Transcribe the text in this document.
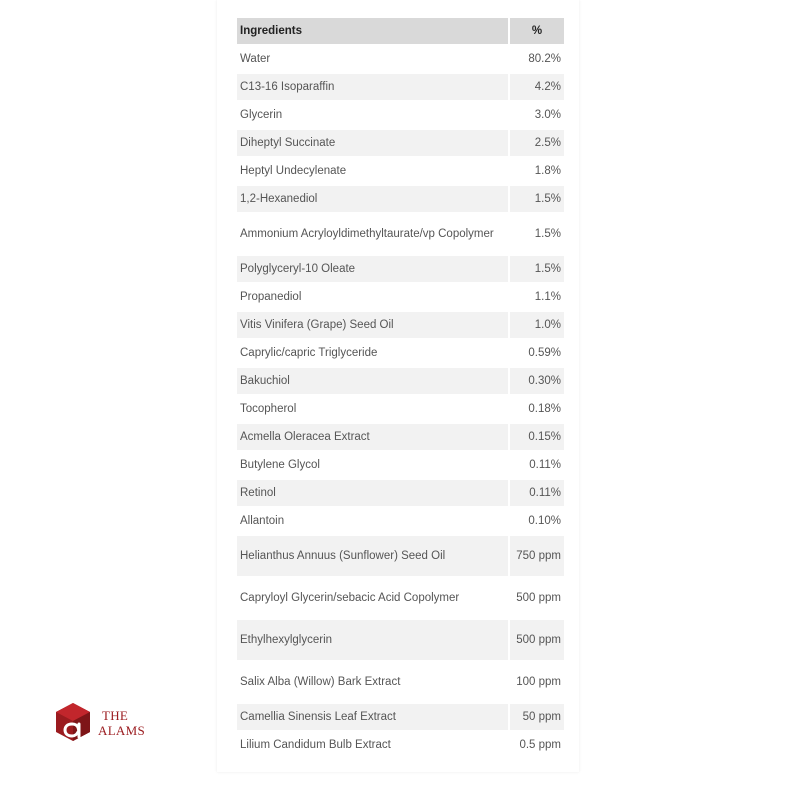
Ingredients	%
Water	80.2%
C13-16 Isoparaffin	4.2%
Glycerin	3.0%
Diheptyl Succinate	2.5%
Heptyl Undecylenate	1.8%
1,2-Hexanediol	1.5%
Ammonium Acryloyldimethyltaurate/vp Copolymer	1.5%
Polyglyceryl-10 Oleate	1.5%
Propanediol	1.1%
Vitis Vinifera (Grape) Seed Oil	1.0%
Caprylic/capric Triglyceride	0.59%
Bakuchiol	0.30%
Tocopherol	0.18%
Acmella Oleracea Extract	0.15%
Butylene Glycol	0.11%
Retinol	0.11%
Allantoin	0.10%
Helianthus Annuus (Sunflower) Seed Oil	750 ppm
Capryloyl Glycerin/sebacic Acid Copolymer	500 ppm
Ethylhexylglycerin	500 ppm
Salix Alba (Willow) Bark Extract	100 ppm
Camellia Sinensis Leaf Extract	50 ppm
Lilium Candidum Bulb Extract	0.5 ppm
THE
ALAMS
